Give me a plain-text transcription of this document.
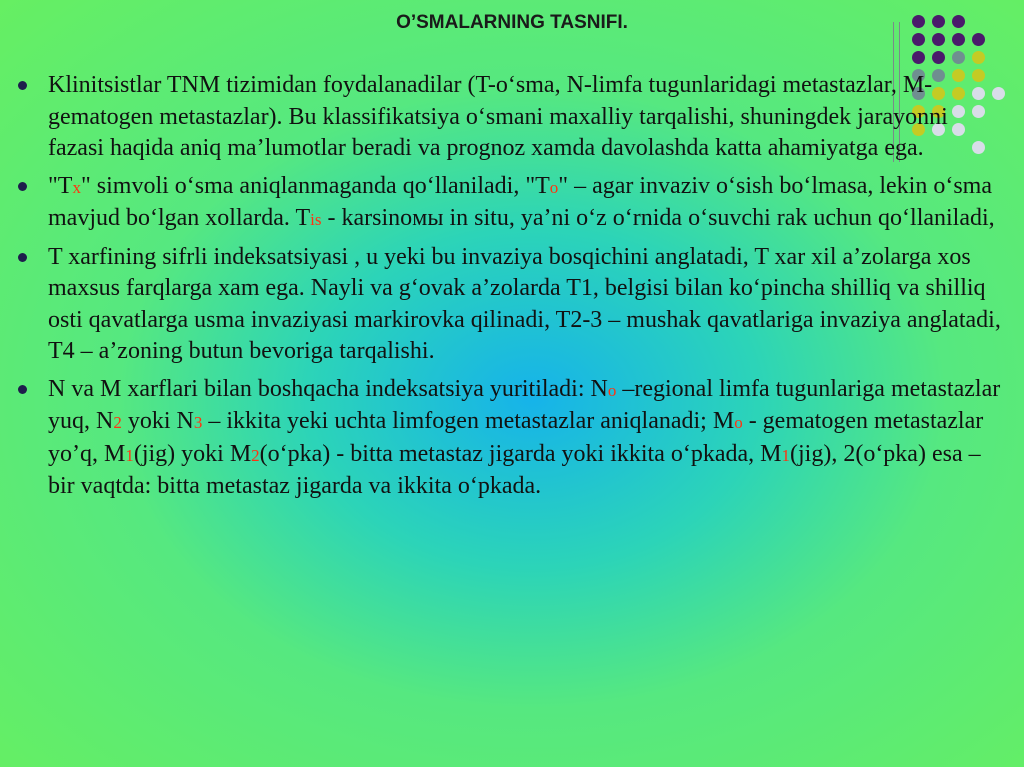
O’SMALARNING TASNIFI.
Klinitsistlar TNM tizimidan foydalanadilar (T-o‘sma, N-limfa tugunlaridagi metastazlar, M-gematogen metastazlar). Bu klassifikatsiya o‘smani maxalliy tarqalishi, shuningdek jarayonni fazasi haqida aniq ma’lumotlar beradi va prognoz xamda davolashda katta ahamiyatga ega.
"Tx" simvoli o‘sma aniqlanmaganda qo‘llaniladi, "To" – agar invaziv o‘sish bo‘lmasa, lekin o‘sma mavjud bo‘lgan xollarda. Tis - karsinoмы in situ, ya’ni o‘z o‘rnida o‘suvchi rak uchun qo‘llaniladi,
T xarfining sifrli indeksatsiyasi , u yeki bu invaziya bosqichini anglatadi, T xar xil a’zolarga xos maxsus farqlarga xam ega. Nayli va g‘ovak a’zolarda T1, belgisi bilan ko‘pincha shilliq va shilliq osti qavatlarga usma invaziyasi markirovka qilinadi, T2-3 – mushak qavatlariga invaziya anglatadi, T4 – a’zoning butun bevoriga tarqalishi.
N va M xarflari bilan boshqacha indeksatsiya yuritiladi: No –regional limfa tugunlariga metastazlar yuq, N2 yoki N3 – ikkita yeki uchta limfogen metastazlar aniqlanadi; Mo - gematogen metastazlar yo’q, M1(jig) yoki M2(o‘pka) - bitta metastaz jigarda yoki ikkita o‘pkada, M1(jig), 2(o‘pka) esa – bir vaqtda: bitta metastaz jigarda va ikkita o‘pkada.
